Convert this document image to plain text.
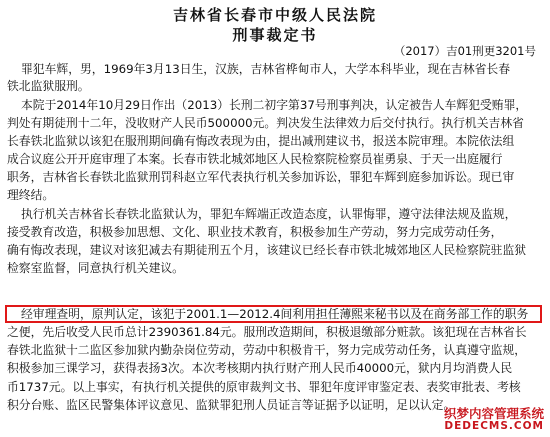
吉林省长春市中级人民法院
刑事裁定书
（2017）吉01刑更3201号
罪犯车辉，男，1969年3月13日生，汉族，吉林省桦甸市人，大学本科毕业，现在吉林省长春
铁北监狱服刑。
本院于2014年10月29日作出（2013）长刑二初字第37号刑事判决，认定被告人车辉犯受贿罪，
判处有期徒刑十二年，没收财产人民币500000元。判决发生法律效力后交付执行。执行机关吉林省
长春铁北监狱以该犯在服刑期间确有悔改表现为由，提出减刑建议书，报送本院审理。本院依法组
成合议庭公开开庭审理了本案。长春市铁北城郊地区人民检察院检察员崔勇泉、于天一出庭履行
职务，吉林省长春铁北监狱刑罚科赵立军代表执行机关参加诉讼，罪犯车辉到庭参加诉讼。现已审
理终结。
执行机关吉林省长春铁北监狱认为，罪犯车辉端正改造态度，认罪悔罪，遵守法律法规及监规，
接受教育改造，积极参加思想、文化、职业技术教育，积极参加生产劳动，努力完成劳动任务，
确有悔改表现，建议对该犯减去有期徒刑五个月，该建议已经长春市铁北城郊地区人民检察院驻监狱
检察室监督，同意执行机关建议。
经审理查明，原判认定，该犯于2001.1—2012.4间利用担任薄熙来秘书以及在商务部工作的职务
之便，先后收受人民币总计2390361.84元。服刑改造期间，积极退缴部分赃款。该犯现在吉林省长
春铁北监狱十二监区参加狱内勤杂岗位劳动，劳动中积极肯干，努力完成劳动任务，认真遵守监规，
积极参加三课学习，获得表扬3次。本次考核期内执行财产刑人民币40000元，狱内月均消费人民
币1737元。以上事实，有执行机关提供的原审裁判文书、罪犯年度评审鉴定表、表奖审批表、考核
积分台账、监区民警集体评议意见、监狱罪犯刑人员证言等证据予以证明，足以认定。
织梦内容管理系统
DEDECMS.COM
